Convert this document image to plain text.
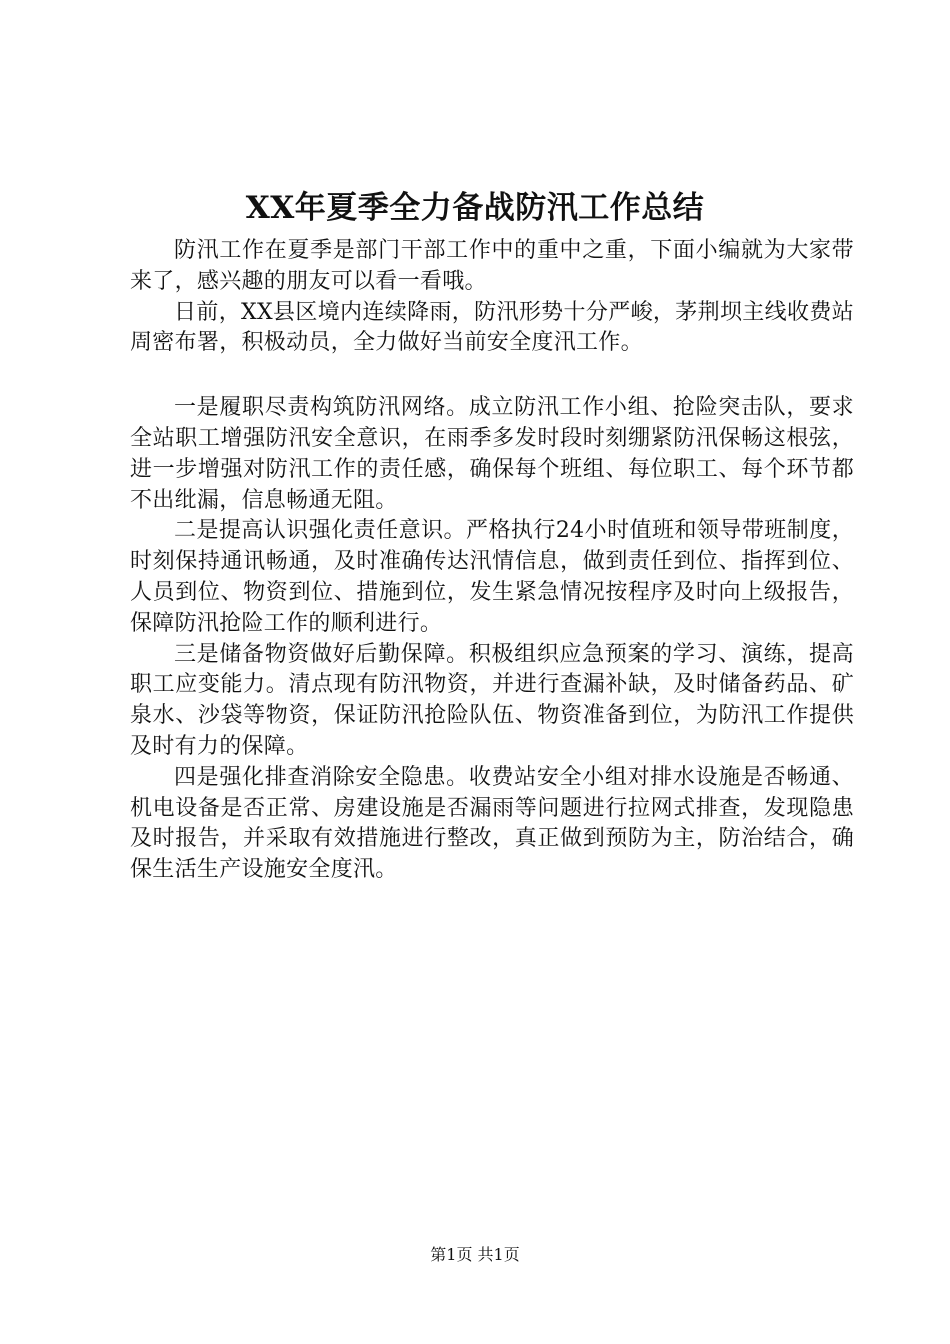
XX年夏季全力备战防汛工作总结

防汛工作在夏季是部门干部工作中的重中之重，下面小编就为大家带来了，感兴趣的朋友可以看一看哦。

日前，XX县区境内连续降雨，防汛形势十分严峻，茅荆坝主线收费站周密布署，积极动员，全力做好当前安全度汛工作。

一是履职尽责构筑防汛网络。成立防汛工作小组、抢险突击队，要求全站职工增强防汛安全意识，在雨季多发时段时刻绷紧防汛保畅这根弦，进一步增强对防汛工作的责任感，确保每个班组、每位职工、每个环节都不出纰漏，信息畅通无阻。

二是提高认识强化责任意识。严格执行24小时值班和领导带班制度，时刻保持通讯畅通，及时准确传达汛情信息，做到责任到位、指挥到位、人员到位、物资到位、措施到位，发生紧急情况按程序及时向上级报告，保障防汛抢险工作的顺利进行。

三是储备物资做好后勤保障。积极组织应急预案的学习、演练，提高职工应变能力。清点现有防汛物资，并进行查漏补缺，及时储备药品、矿泉水、沙袋等物资，保证防汛抢险队伍、物资准备到位，为防汛工作提供及时有力的保障。

四是强化排查消除安全隐患。收费站安全小组对排水设施是否畅通、机电设备是否正常、房建设施是否漏雨等问题进行拉网式排查，发现隐患及时报告，并采取有效措施进行整改，真正做到预防为主，防治结合，确保生活生产设施安全度汛。

第1页 共1页
